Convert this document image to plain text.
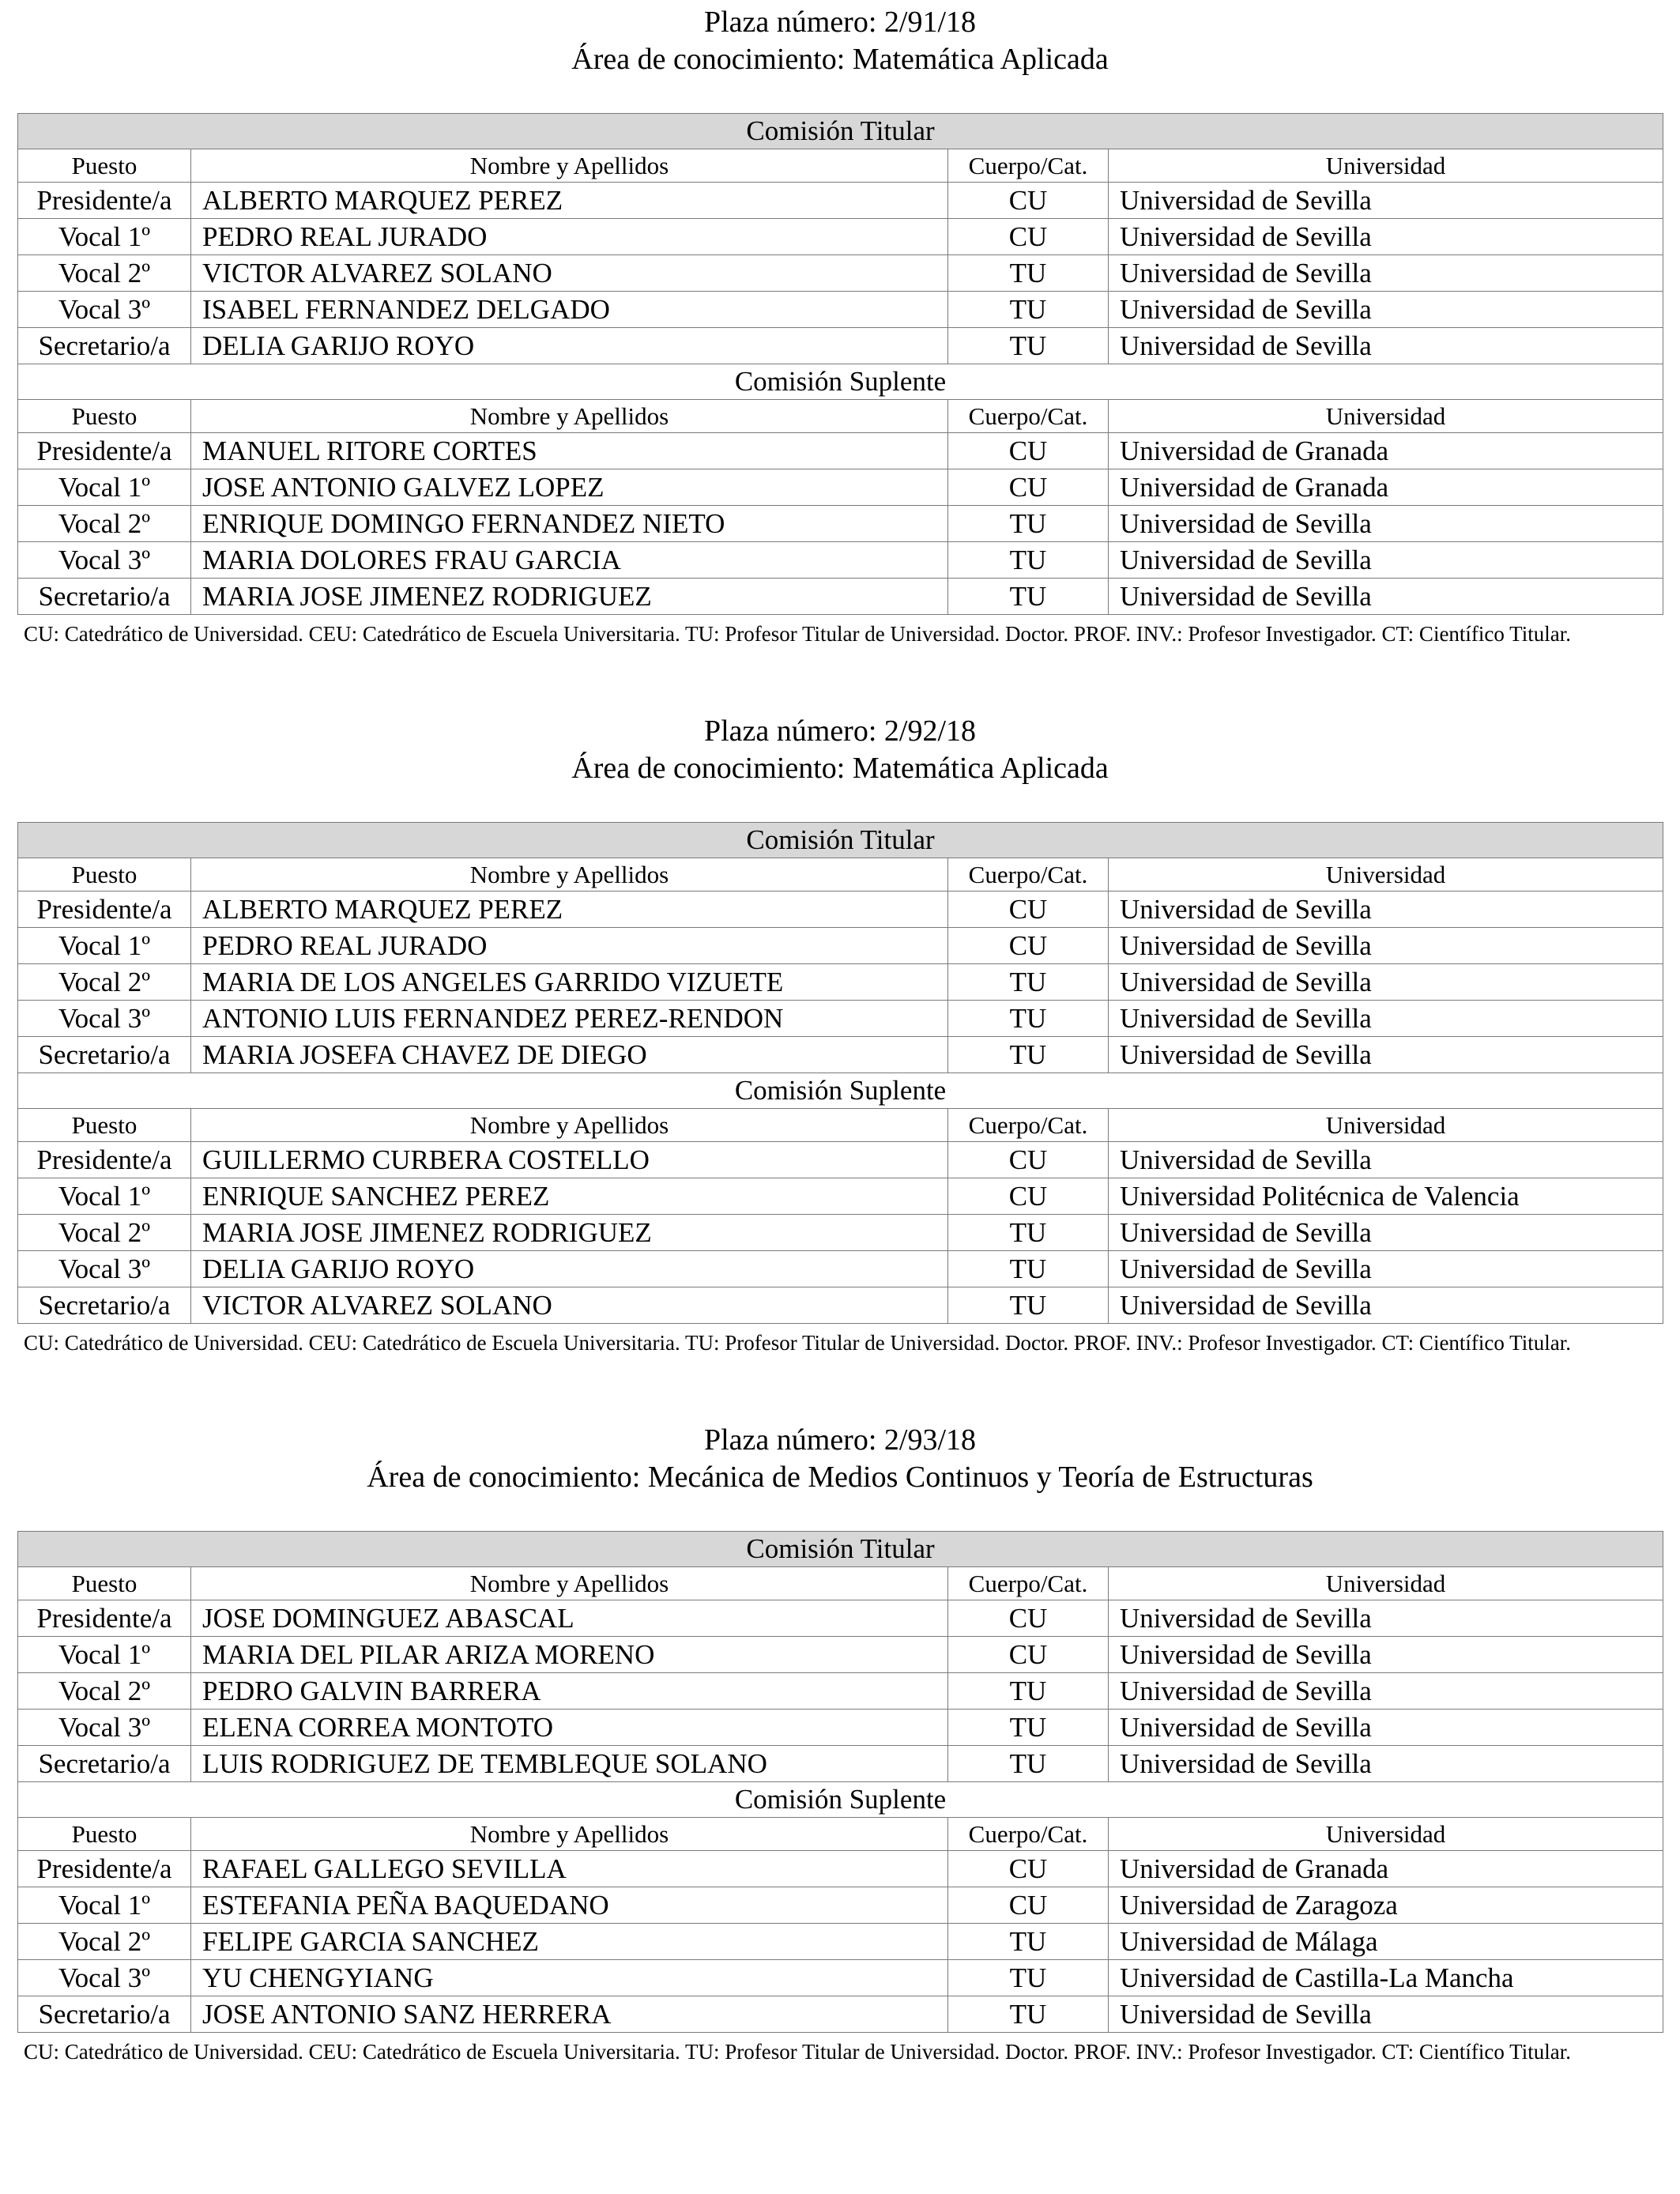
Plaza número: 2/91/18
Área de conocimiento: Matemática Aplicada
Comisión Titular			
Puesto	Nombre y Apellidos	Cuerpo/Cat.	Universidad
Presidente/a	ALBERTO MARQUEZ PEREZ	CU	Universidad de Sevilla
Vocal 1º	PEDRO REAL JURADO	CU	Universidad de Sevilla
Vocal 2º	VICTOR ALVAREZ SOLANO	TU	Universidad de Sevilla
Vocal 3º	ISABEL FERNANDEZ DELGADO	TU	Universidad de Sevilla
Secretario/a	DELIA GARIJO ROYO	TU	Universidad de Sevilla
Comisión Suplente			
Puesto	Nombre y Apellidos	Cuerpo/Cat.	Universidad
Presidente/a	MANUEL RITORE CORTES	CU	Universidad de Granada
Vocal 1º	JOSE ANTONIO GALVEZ LOPEZ	CU	Universidad de Granada
Vocal 2º	ENRIQUE DOMINGO FERNANDEZ NIETO	TU	Universidad de Sevilla
Vocal 3º	MARIA DOLORES FRAU GARCIA	TU	Universidad de Sevilla
Secretario/a	MARIA JOSE JIMENEZ RODRIGUEZ	TU	Universidad de Sevilla
CU: Catedrático de Universidad. CEU: Catedrático de Escuela Universitaria. TU: Profesor Titular de Universidad. Doctor. PROF. INV.: Profesor Investigador. CT: Científico Titular.
Plaza número: 2/92/18
Área de conocimiento: Matemática Aplicada
Comisión Titular			
Puesto	Nombre y Apellidos	Cuerpo/Cat.	Universidad
Presidente/a	ALBERTO MARQUEZ PEREZ	CU	Universidad de Sevilla
Vocal 1º	PEDRO REAL JURADO	CU	Universidad de Sevilla
Vocal 2º	MARIA DE LOS ANGELES GARRIDO VIZUETE	TU	Universidad de Sevilla
Vocal 3º	ANTONIO LUIS FERNANDEZ PEREZ-RENDON	TU	Universidad de Sevilla
Secretario/a	MARIA JOSEFA CHAVEZ DE DIEGO	TU	Universidad de Sevilla
Comisión Suplente			
Puesto	Nombre y Apellidos	Cuerpo/Cat.	Universidad
Presidente/a	GUILLERMO CURBERA COSTELLO	CU	Universidad de Sevilla
Vocal 1º	ENRIQUE SANCHEZ PEREZ	CU	Universidad Politécnica de Valencia
Vocal 2º	MARIA JOSE JIMENEZ RODRIGUEZ	TU	Universidad de Sevilla
Vocal 3º	DELIA GARIJO ROYO	TU	Universidad de Sevilla
Secretario/a	VICTOR ALVAREZ SOLANO	TU	Universidad de Sevilla
CU: Catedrático de Universidad. CEU: Catedrático de Escuela Universitaria. TU: Profesor Titular de Universidad. Doctor. PROF. INV.: Profesor Investigador. CT: Científico Titular.
Plaza número: 2/93/18
Área de conocimiento: Mecánica de Medios Continuos y Teoría de Estructuras
Comisión Titular			
Puesto	Nombre y Apellidos	Cuerpo/Cat.	Universidad
Presidente/a	JOSE DOMINGUEZ ABASCAL	CU	Universidad de Sevilla
Vocal 1º	MARIA DEL PILAR ARIZA MORENO	CU	Universidad de Sevilla
Vocal 2º	PEDRO GALVIN BARRERA	TU	Universidad de Sevilla
Vocal 3º	ELENA CORREA MONTOTO	TU	Universidad de Sevilla
Secretario/a	LUIS RODRIGUEZ DE TEMBLEQUE SOLANO	TU	Universidad de Sevilla
Comisión Suplente			
Puesto	Nombre y Apellidos	Cuerpo/Cat.	Universidad
Presidente/a	RAFAEL GALLEGO SEVILLA	CU	Universidad de Granada
Vocal 1º	ESTEFANIA PEÑA BAQUEDANO	CU	Universidad de Zaragoza
Vocal 2º	FELIPE GARCIA SANCHEZ	TU	Universidad de Málaga
Vocal 3º	YU CHENGYIANG	TU	Universidad de Castilla-La Mancha
Secretario/a	JOSE ANTONIO SANZ HERRERA	TU	Universidad de Sevilla
CU: Catedrático de Universidad. CEU: Catedrático de Escuela Universitaria. TU: Profesor Titular de Universidad. Doctor. PROF. INV.: Profesor Investigador. CT: Científico Titular.
